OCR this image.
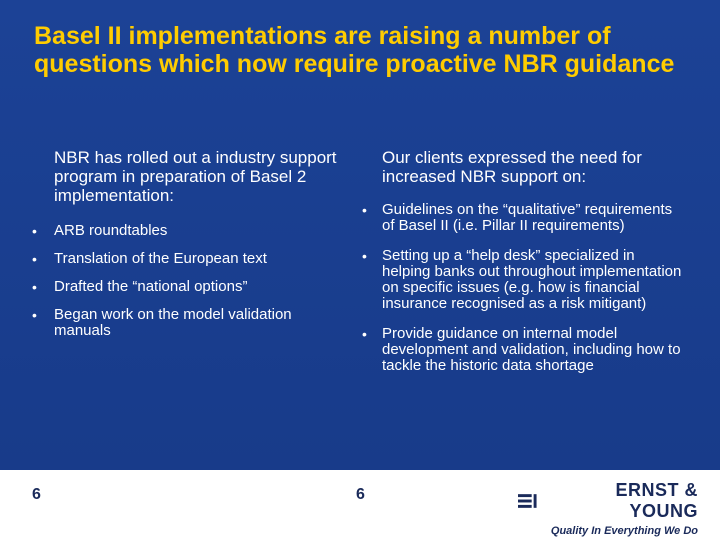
Basel II implementations are raising a number of questions which now require proactive NBR guidance

NBR has rolled out a industry support program in preparation of Basel 2 implementation:

• ARB roundtables
• Translation of the European text
• Drafted the “national options”
• Began work on the model validation manuals

Our clients expressed the need for increased NBR support on:

• Guidelines on the “qualitative” requirements of Basel II (i.e. Pillar II requirements)
• Setting up a “help desk” specialized in helping banks out throughout implementation on specific issues (e.g. how is financial insurance recognised as a risk mitigant)
• Provide guidance on internal model development and validation, including how to tackle the historic data shortage
6	6	ERNST & YOUNG
Quality In Everything We Do
